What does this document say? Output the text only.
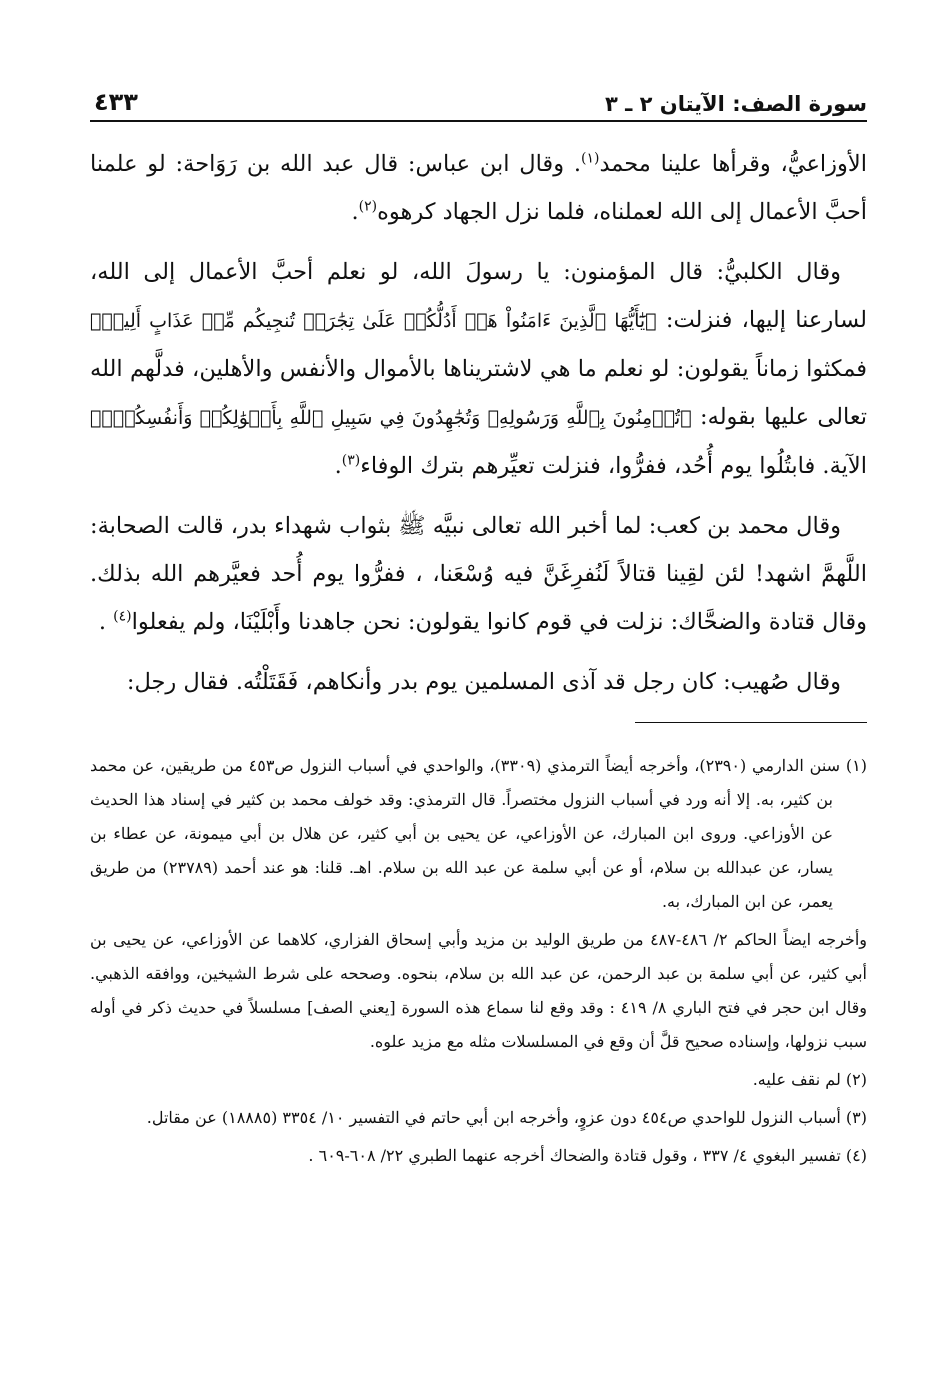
سورة الصف: الآيتان ٢ ـ ٣
٤٣٣

الأوزاعيُّ، وقرأها علينا محمد$^{(١)}$. وقال ابن عباس: قال عبد الله بن رَوَاحة: لو علمنا أحبَّ الأعمال إلى الله لعملناه، فلما نزل الجهاد كرهوه$^{(٢)}$.

وقال الكلبيُّ: قال المؤمنون: يا رسولَ الله، لو نعلم أحبَّ الأعمال إلى الله، لسارعنا إليها، فنزلت: ﴿يَٰٓأَيُّهَا ٱلَّذِينَ ءَامَنُواْ هَلۡ أَدُلُّكُمۡ عَلَىٰ تِجَٰرَةٖ تُنجِيكُم مِّنۡ عَذَابٍ أَلِيمٖ﴾ فمكثوا زماناً يقولون: لو نعلم ما هي لاشتريناها بالأموال والأنفس والأهلين، فدلَّهم الله تعالى عليها بقوله: ﴿تُؤۡمِنُونَ بِٱللَّهِ وَرَسُولِهِۦ وَتُجَٰهِدُونَ فِي سَبِيلِ ٱللَّهِ بِأَمۡوَٰلِكُمۡ وَأَنفُسِكُمۡۚ﴾ الآية. فابتُلُوا يوم أُحُد، ففرُّوا، فنزلت تعيِّرهم بترك الوفاء$^{(٣)}$.

وقال محمد بن كعب: لما أخبر الله تعالى نبيَّه ﷺ بثواب شهداء بدر، قالت الصحابة: اللَّهمَّ اشهد! لئن لقِينا قتالاً لَنُفرِغَنَّ فيه وُسْعَنا، ، ففرُّوا يوم أُحد فعيَّرهم الله بذلك. وقال قتادة والضحَّاك: نزلت في قوم كانوا يقولون: نحن جاهدنا وأَبْلَيْنَا، ولم يفعلوا$^{(٤)}$ .

وقال صُهيب: كان رجل قد آذى المسلمين يوم بدر وأنكاهم، فَقَتَلْتُه. فقال رجل:

(١) سنن الدارمي (٢٣٩٠)، وأخرجه أيضاً الترمذي (٣٣٠٩)، والواحدي في أسباب النزول ص٤٥٣ من طريقين، عن محمد بن كثير، به. إلا أنه ورد في أسباب النزول مختصراً. قال الترمذي: وقد خولف محمد بن كثير في إسناد هذا الحديث عن الأوزاعي. وروى ابن المبارك، عن الأوزاعي، عن يحيى بن أبي كثير، عن هلال بن أبي ميمونة، عن عطاء بن يسار، عن عبدالله بن سلام، أو عن أبي سلمة عن عبد الله بن سلام. اهـ. قلنا: هو عند أحمد (٢٣٧٨٩) من طريق يعمر، عن ابن المبارك، به.

وأخرجه ايضاً الحاكم ٢/ ٤٨٦-٤٨٧ من طريق الوليد بن مزيد وأبي إسحاق الفزاري، كلاهما عن الأوزاعي، عن يحيى بن أبي كثير، عن أبي سلمة بن عبد الرحمن، عن عبد الله بن سلام، بنحوه. وصححه على شرط الشيخين، ووافقه الذهبي. وقال ابن حجر في فتح الباري ٨/ ٤١٩ : وقد وقع لنا سماع هذه السورة [يعني الصف] مسلسلاً في حديث ذكر في أوله سبب نزولها، وإسناده صحيح قلَّ أن وقع في المسلسلات مثله مع مزيد علوه.

(٢) لم نقف عليه.

(٣) أسباب النزول للواحدي ص٤٥٤ دون عزوٍ، وأخرجه ابن أبي حاتم في التفسير ١٠/ ٣٣٥٤ (١٨٨٨٥) عن مقاتل.

(٤) تفسير البغوي ٤/ ٣٣٧ ، وقول قتادة والضحاك أخرجه عنهما الطبري ٢٢/ ٦٠٨-٦٠٩ .
